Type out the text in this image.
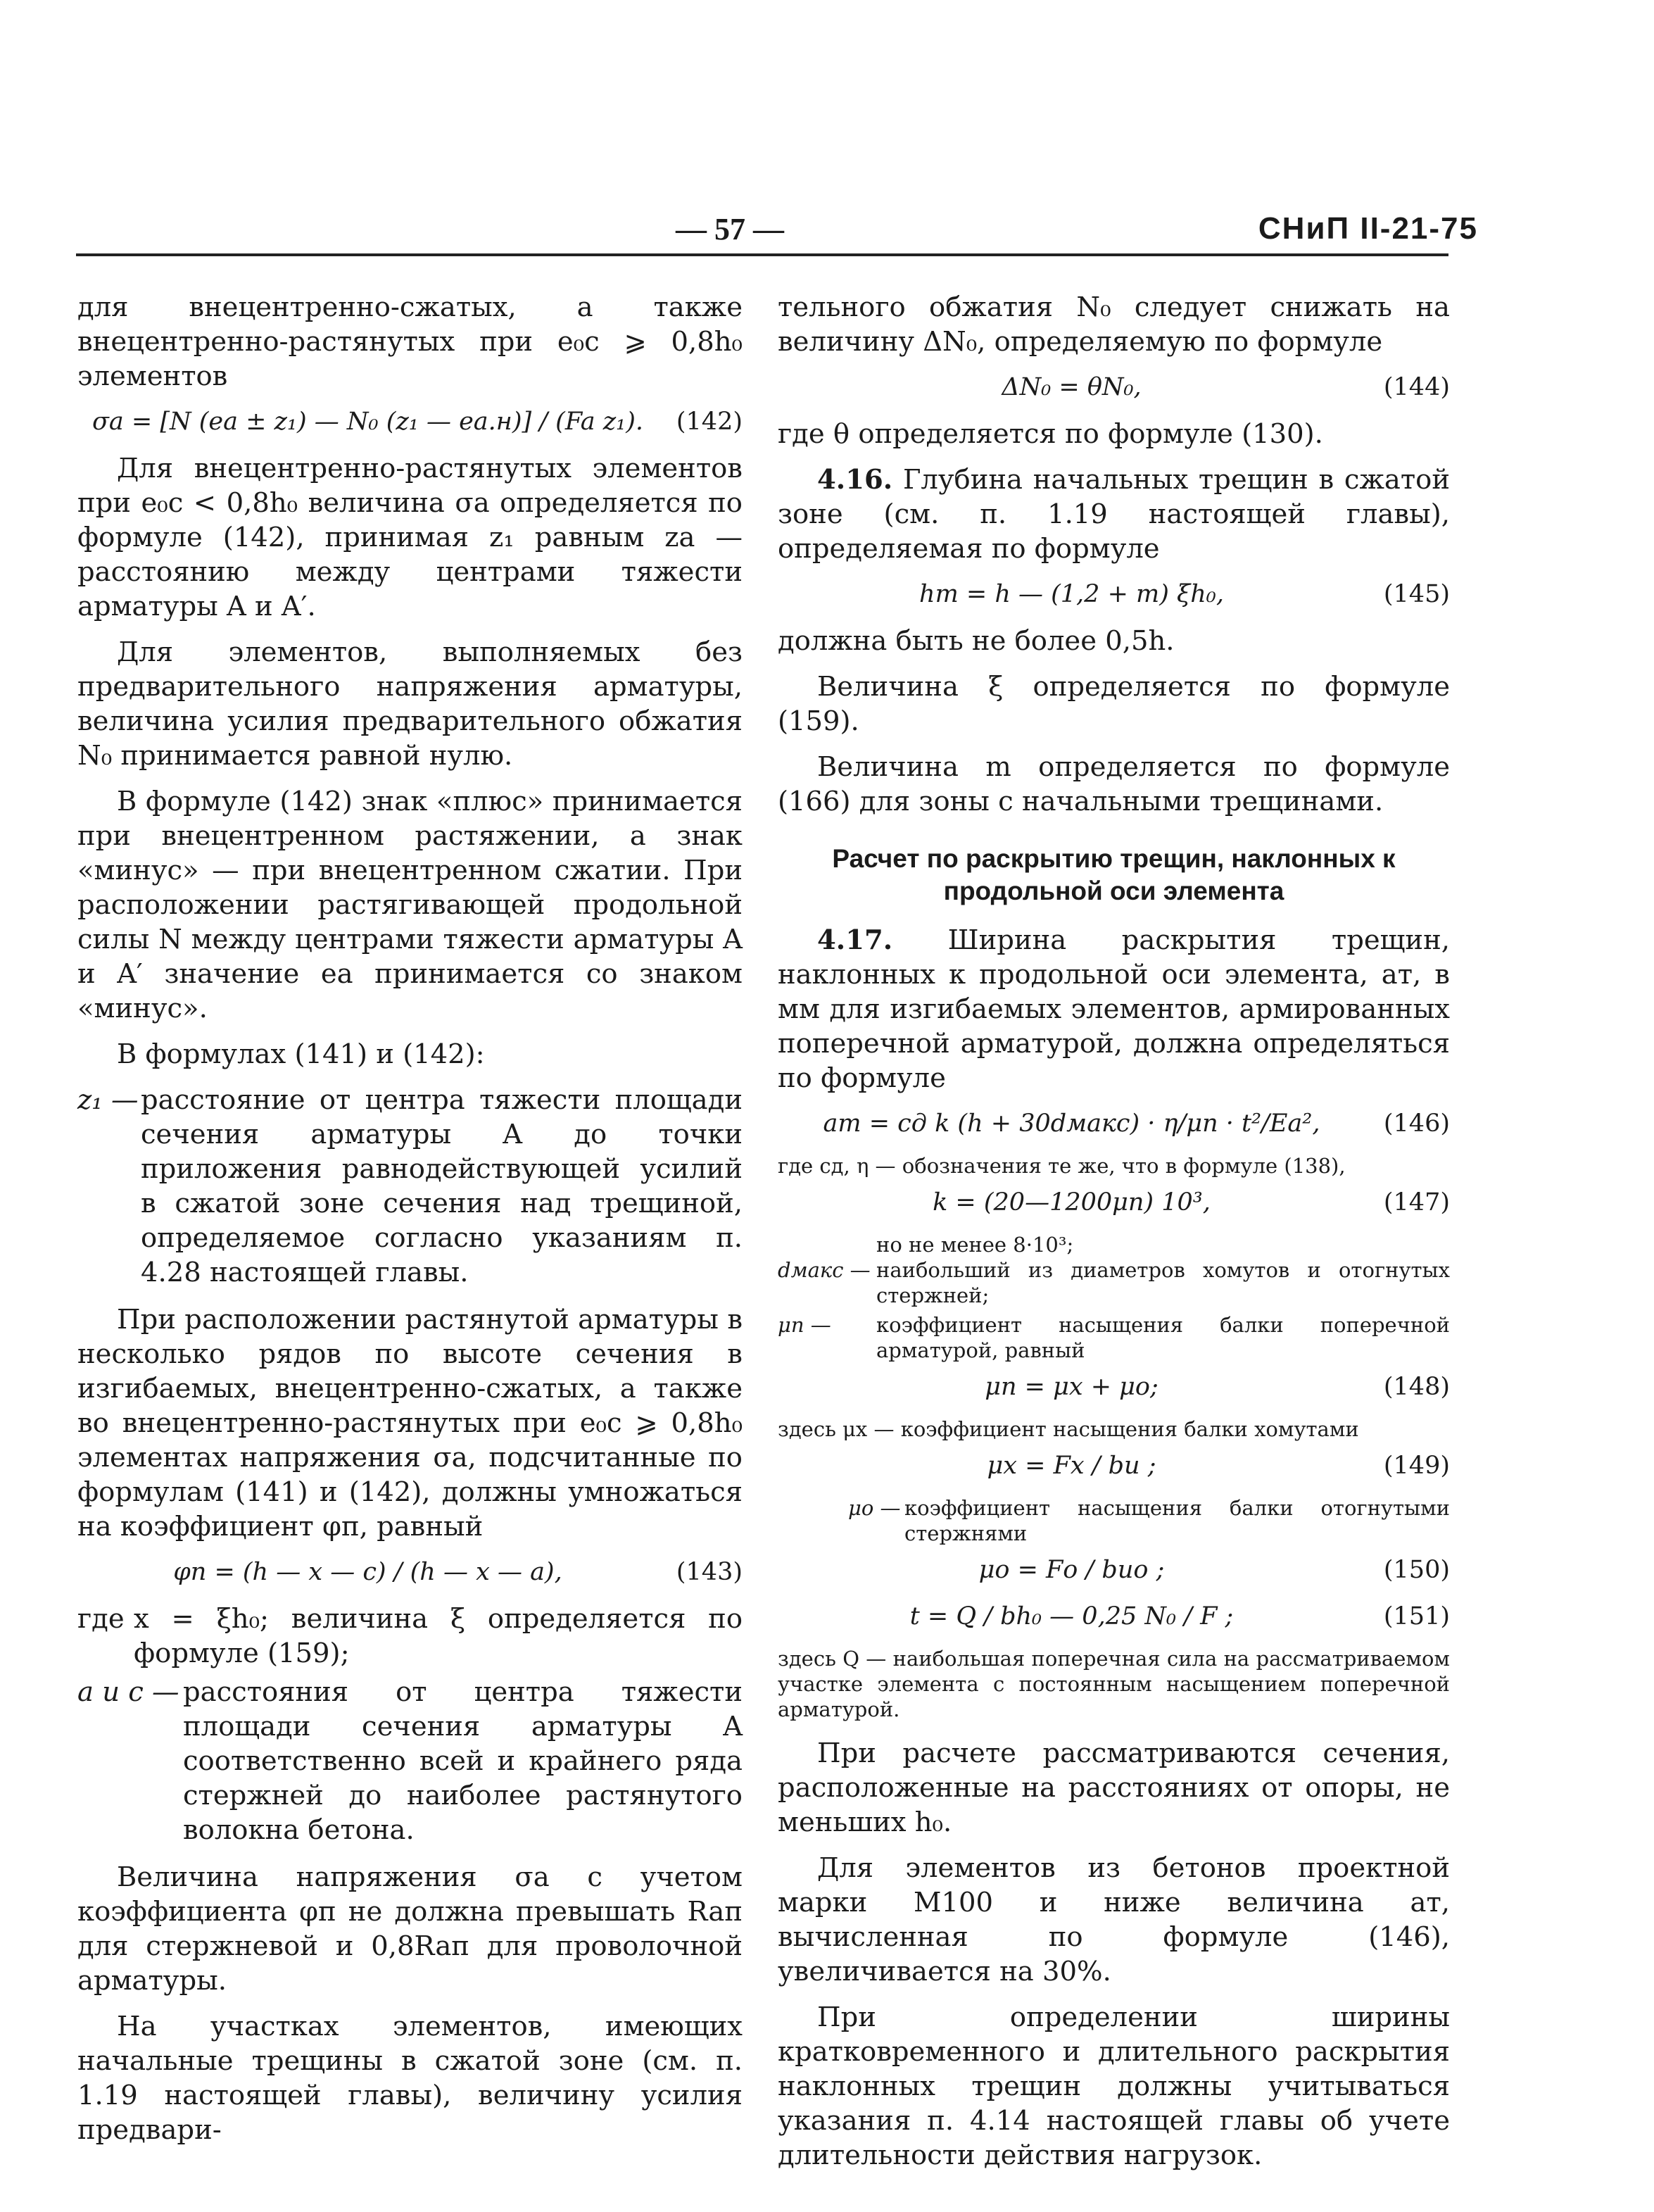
— 57 —	СНиП II-21-75

для внецентренно-сжатых, а также внецентренно-растянутых при e₀c ⩾ 0,8h₀ элементов

σa = [N (ea ± z₁) — N₀ (z₁ — ea.н)] / (Fa z₁).	(142)

Для внецентренно-растянутых элементов при e₀c < 0,8h₀ величина σa определяется по формуле (142), принимая z₁ равным za — расстоянию между центрами тяжести арматуры A и A′.

Для элементов, выполняемых без предварительного напряжения арматуры, величина усилия предварительного обжатия N₀ принимается равной нулю.

В формуле (142) знак «плюс» принимается при внецентренном растяжении, а знак «минус» — при внецентренном сжатии. При расположении растягивающей продольной силы N между центрами тяжести арматуры A и A′ значение ea принимается со знаком «минус».

В формулах (141) и (142):

z₁ — расстояние от центра тяжести площади сечения арматуры A до точки приложения равнодействующей усилий в сжатой зоне сечения над трещиной, определяемое согласно указаниям п. 4.28 настоящей главы.

При расположении растянутой арматуры в несколько рядов по высоте сечения в изгибаемых, внецентренно-сжатых, а также во внецентренно-растянутых при e₀c ⩾ 0,8h₀ элементах напряжения σa, подсчитанные по формулам (141) и (142), должны умножаться на коэффициент φп, равный

φп = (h — x — c) / (h — x — a),	(143)
где x = ξh₀; величина ξ определяется по формуле (159);
a и c — расстояния от центра тяжести площади сечения арматуры A соответственно всей и крайнего ряда стержней до наиболее растянутого волокна бетона.

Величина напряжения σa с учетом коэффициента φп не должна превышать Raп для стержневой и 0,8Raп для проволочной арматуры.

На участках элементов, имеющих начальные трещины в сжатой зоне (см. п. 1.19 настоящей главы), величину усилия предвари-

тельного обжатия N₀ следует снижать на величину ΔN₀, определяемую по формуле

ΔN₀ = θN₀,	(144)

где θ определяется по формуле (130).

4.16. Глубина начальных трещин в сжатой зоне (см. п. 1.19 настоящей главы), определяемая по формуле

hт = h — (1,2 + m) ξh₀,	(145)

должна быть не более 0,5h.

Величина ξ определяется по формуле (159).

Величина m определяется по формуле (166) для зоны с начальными трещинами.

Расчет по раскрытию трещин, наклонных к продольной оси элемента

4.17. Ширина раскрытия трещин, наклонных к продольной оси элемента, aт, в мм для изгибаемых элементов, армированных поперечной арматурой, должна определяться по формуле

aт = cд k (h + 30dмакс) · η/μп · t²/Eа²,	(146)
где cд, η — обозначения те же, что в формуле (138),
k = (20—1200μп) 10³,	(147)
но не менее 8·10³;
dмакс — наибольший из диаметров хомутов и отогнутых стержней;
μп —	коэффициент насыщения балки поперечной арматурой, равный
μп = μх + μо;	(148)
здесь μх — коэффициент насыщения балки хомутами
μх = Fх / bu ;	(149)
μо — коэффициент насыщения балки отогнутыми стержнями
μо = Fо / buо ;	(150)
t = Q / bh₀ — 0,25 N₀ / F ;	(151)
здесь Q — наибольшая поперечная сила на рассматриваемом участке элемента с постоянным насыщением поперечной арматурой.

При расчете рассматриваются сечения, расположенные на расстояниях от опоры, не меньших h₀.

Для элементов из бетонов проектной марки М100 и ниже величина aт, вычисленная по формуле (146), увеличивается на 30%.

При определении ширины кратковременного и длительного раскрытия наклонных трещин должны учитываться указания п. 4.14 настоящей главы об учете длительности действия нагрузок.
